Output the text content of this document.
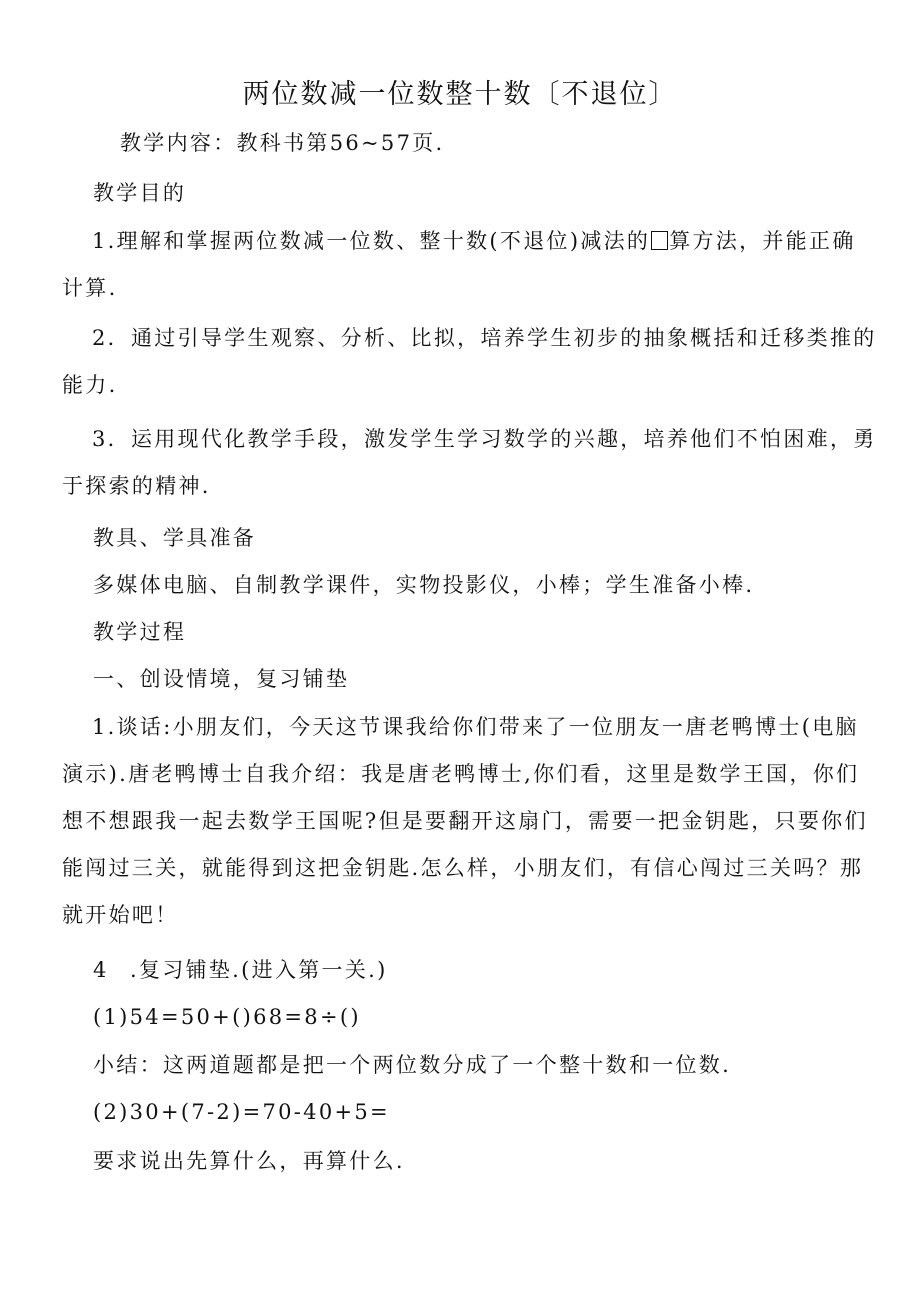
两位数减一位数整十数〔不退位〕
教学内容：教科书第56~57页.
教学目的
1.理解和掌握两位数减一位数、整十数(不退位)减法的 算方法，并能正确
计算.
2．通过引导学生观察、分析、比拟，培养学生初步的抽象概括和迁移类推的
能力.
3．运用现代化教学手段，激发学生学习数学的兴趣，培养他们不怕困难，勇
于探索的精神.
教具、学具准备
多媒体电脑、自制教学课件，实物投影仪，小棒；学生准备小棒.
教学过程
一、创设情境，复习铺垫
1.谈话:小朋友们，今天这节课我给你们带来了一位朋友一唐老鸭博士(电脑
演示).唐老鸭博士自我介绍：我是唐老鸭博士,你们看，这里是数学王国，你们
想不想跟我一起去数学王国呢?但是要翻开这扇门，需要一把金钥匙，只要你们
能闯过三关，就能得到这把金钥匙.怎么样，小朋友们，有信心闯过三关吗？那
就开始吧！
4 .复习铺垫.(进入第一关.)
(1)54=50+()68=8÷()
小结：这两道题都是把一个两位数分成了一个整十数和一位数.
(2)30+(7-2)=70-40+5=
要求说出先算什么，再算什么.
